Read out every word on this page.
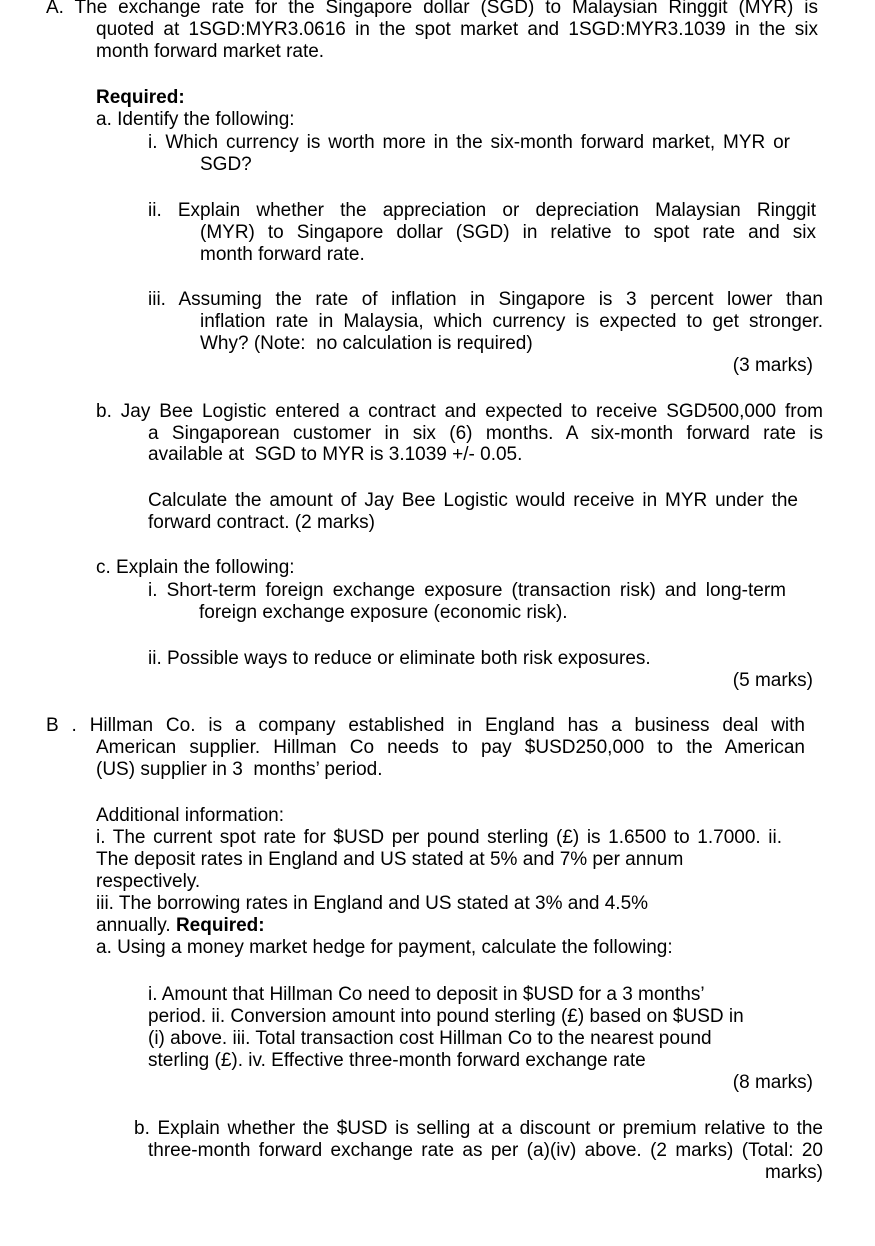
A. The exchange rate for the Singapore dollar (SGD) to Malaysian Ringgit (MYR) is
quoted at 1SGD:MYR3.0616 in the spot market and 1SGD:MYR3.1039 in the six
month forward market rate.
Required:
a. Identify the following:
i. Which currency is worth more in the six-month forward market, MYR or
SGD?
ii. Explain whether the appreciation or depreciation Malaysian Ringgit
(MYR) to Singapore dollar (SGD) in relative to spot rate and six
month forward rate.
iii. Assuming the rate of inflation in Singapore is 3 percent lower than
inflation rate in Malaysia, which currency is expected to get stronger.
Why? (Note:  no calculation is required)
(3 marks)
b. Jay Bee Logistic entered a contract and expected to receive SGD500,000 from
a Singaporean customer in six (6) months. A six-month forward rate is
available at  SGD to MYR is 3.1039 +/- 0.05.
Calculate the amount of Jay Bee Logistic would receive in MYR under the
forward contract. (2 marks)
c. Explain the following:
i. Short-term foreign exchange exposure (transaction risk) and long-term
foreign exchange exposure (economic risk).
ii. Possible ways to reduce or eliminate both risk exposures.
(5 marks)
B . Hillman Co. is a company established in England has a business deal with
American supplier. Hillman Co needs to pay $USD250,000 to the American
(US) supplier in 3  months’ period.
Additional information:
i. The current spot rate for $USD per pound sterling (£) is 1.6500 to 1.7000. ii.
The deposit rates in England and US stated at 5% and 7% per annum
respectively.
iii. The borrowing rates in England and US stated at 3% and 4.5%
annually. Required:
a. Using a money market hedge for payment, calculate the following:
i. Amount that Hillman Co need to deposit in $USD for a 3 months’
period. ii. Conversion amount into pound sterling (£) based on $USD in
(i) above. iii. Total transaction cost Hillman Co to the nearest pound
sterling (£). iv. Effective three-month forward exchange rate
(8 marks)
b. Explain whether the $USD is selling at a discount or premium relative to the
three-month forward exchange rate as per (a)(iv) above. (2 marks) (Total: 20
marks)
